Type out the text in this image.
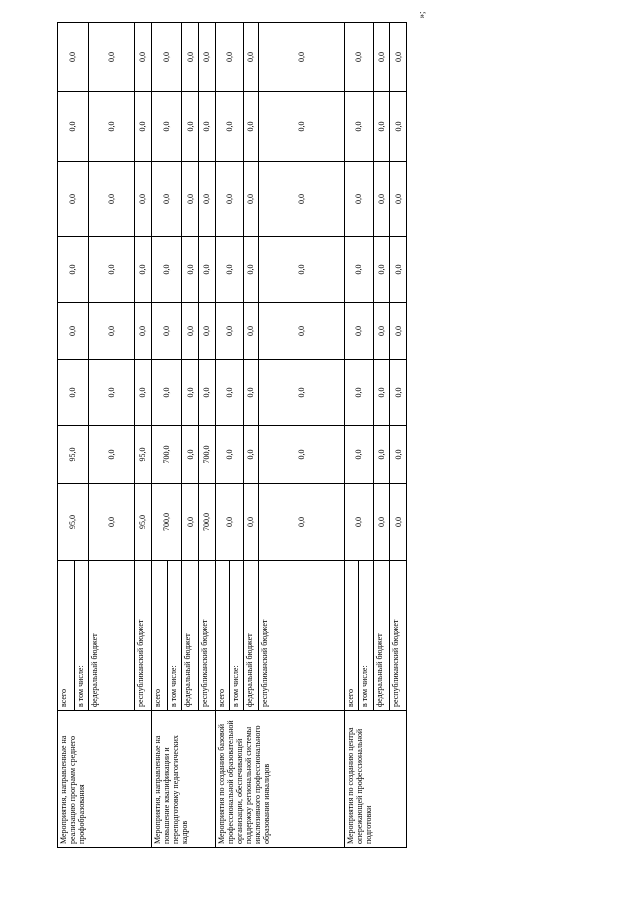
Мероприятия, направленные на реализацию программ среднего профобразования	всего	95,0	95,0	0,0	0,0	0,0	0,0	0,0	0,0
	в том числе:								
	федеральный бюджет	0,0	0,0	0,0	0,0	0,0	0,0	0,0	0,0
	республиканский бюджет	95,0	95,0	0,0	0,0	0,0	0,0	0,0	0,0
Мероприятия, направленные на повышение квалификации и переподготовку педагогических кадров	всего	700,0	700,0	0,0	0,0	0,0	0,0	0,0	0,0
	в том числе:								
	федеральный бюджет	0,0	0,0	0,0	0,0	0,0	0,0	0,0	0,0
	республиканский бюджет	700,0	700,0	0,0	0,0	0,0	0,0	0,0	0,0
Мероприятия по созданию базовой профессиональной образовательной организации, обеспечивающей поддержку региональной системы инклюзивного профессионального образования инвалидов	всего	0,0	0,0	0,0	0,0	0,0	0,0	0,0	0,0
	в том числе:								
	федеральный бюджет	0,0	0,0	0,0	0,0	0,0	0,0	0,0	0,0
	республиканский бюджет	0,0	0,0	0,0	0,0	0,0	0,0	0,0	0,0
Мероприятия по созданию центра опережающей профессиональной подготовки	всего	0,0	0,0	0,0	0,0	0,0	0,0	0,0	0,0
	в том числе:								
	федеральный бюджет	0,0	0,0	0,0	0,0	0,0	0,0	0,0	0,0
	республиканский бюджет	0,0	0,0	0,0	0,0	0,0	0,0	0,0	0,0
»;
